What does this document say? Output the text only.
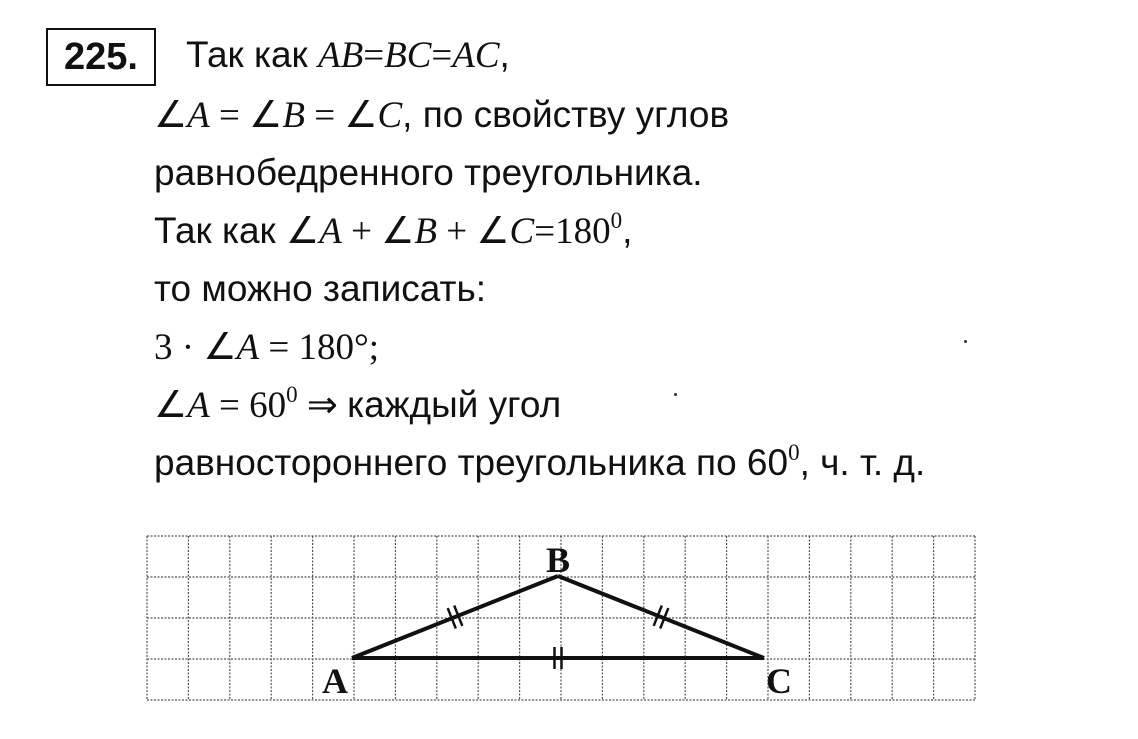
225.	Так как AB=BC=AC,
∠A = ∠B = ∠C, по свойству углов
равнобедренного треугольника.
Так как ∠A + ∠B + $\angle C=180^0$,
то можно записать:
3 · ∠A = 180°;
∠A = $60^0$ ⇒ каждый угол
равностороннего треугольника по $60^0$, ч. т. д.
A
B
C
